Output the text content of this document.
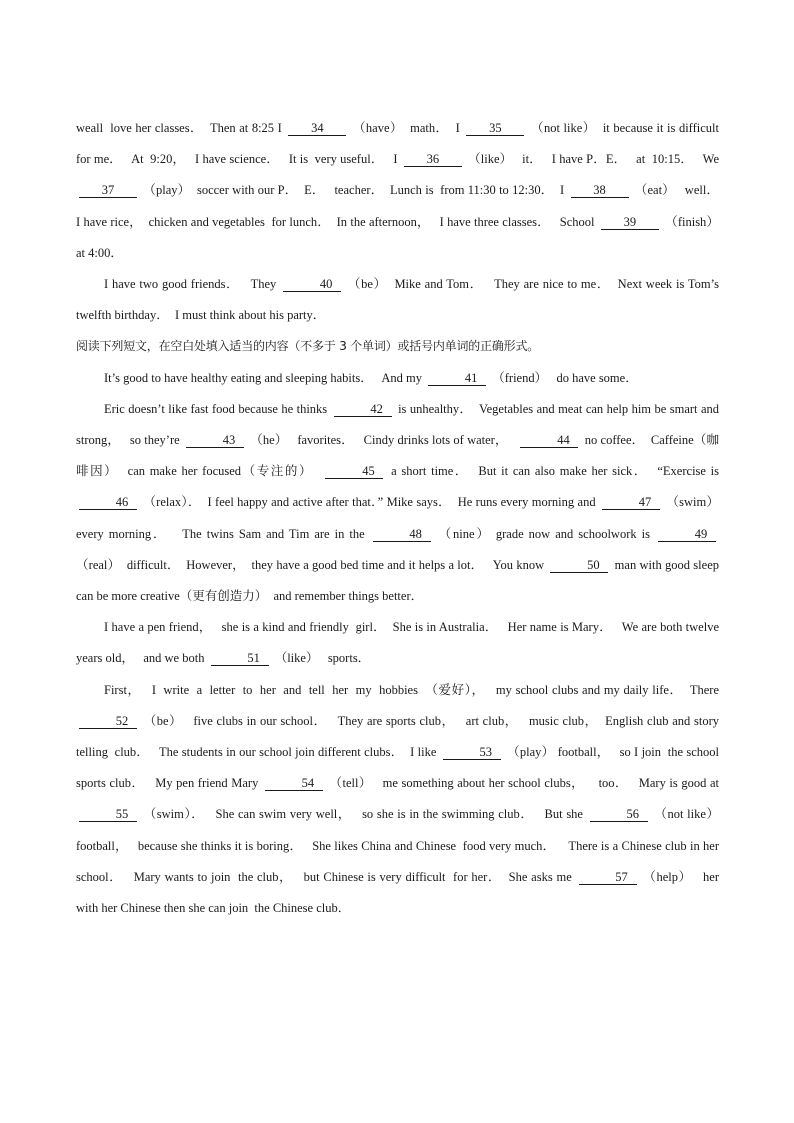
weall  love her classes．  Then at 8:25 I 34 （have）  math．  I 35 （not like）  it because it is difficult  for me．   At  9:20，   I have science．   It is  very useful．   I 36 （like）   it．   I have P．E．   at  10:15．   We 37 （play）  soccer with our P．  E．   teacher．  Lunch is  from 11:30 to 12:30．  I 38 （eat）   well．  I have rice，  chicken and vegetables  for lunch．  In the afternoon，   I have three classes．   School 39 （finish）  at 4:00．

I have two good friends．   They	40 （be）  Mike and Tom．   They are nice to me．  Next week is Tom’s twelfth birthday．  I must think about his party．

阅读下列短文，在空白处填入适当的内容（不多于 3 个单词）或括号内单词的正确形式。

It’s good to have healthy eating and sleeping habits．   And my	41 （friend）   do have some．

Eric doesn’t like fast food because he thinks	42 is unhealthy．  Vegetables and meat can help him be smart and strong，   so they’re	43 （he）   favorites．   Cindy drinks lots of water，	44 no coffee．  Caffeine（咖啡因）  can make her focused（专注的）	45 a short time．  But it can also make her sick．  “Exercise is 46 （relax）．  I feel happy and active after that．” Mike says．  He runs every morning and	47 （swim）   every morning．   The twins Sam and Tim are in the	48 （nine） grade now and schoolwork is	49 （real）  difficult．  However，  they have a good bed time and it helps a lot．   You know	50 man with good sleep can be more creative（更有创造力）  and remember things better．

I have a pen friend，   she is a kind and friendly  girl．  She is in Australia．   Her name is Mary．   We are both twelve years old，   and we both	51 （like）   sports．

First，   I  write  a  letter  to  her  and  tell  her  my  hobbies  （爱好），   my school clubs and my daily life．  There 52 （be）   five clubs in our school．   They are sports club，   art club，   music club，  English club and story telling  club．   The students in our school join different clubs．  I like	53 （play） football，   so I join  the school sports club．   My pen friend Mary	54 （tell）   me something about her school clubs，    too．   Mary is good at 55 （swim）．   She can swim very well，   so she is in the swimming club．   But she	56 （not like）   football，   because she thinks it is boring．   She likes China and Chinese  food very much．    There is a Chinese club in her school．   Mary wants to join  the club，   but Chinese is very difficult  for her．  She asks me	57 （help）   her with her Chinese then she can join  the Chinese club．
